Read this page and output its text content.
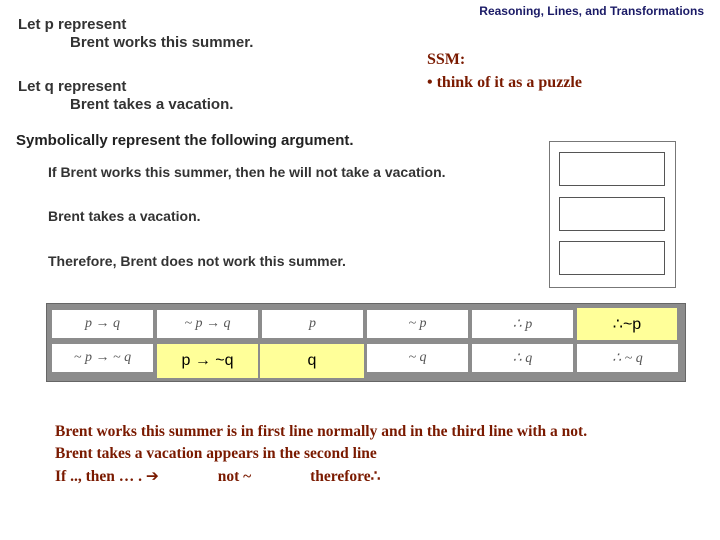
Reasoning, Lines, and Transformations
Let p represent
Brent works this summer.
Let q represent
Brent takes a vacation.
SSM:
• think of it as a puzzle
Symbolically represent the following argument.
If Brent works this summer, then he will not take a vacation.
Brent takes a vacation.
Therefore, Brent does not work this summer.
p → q	~ p → q	p	~ p	∴ p	∴~p
~ p → ~ q	p → ~q	q	~ q	∴ q	∴ ~ q
Brent works this summer is in first line normally and in the third line with a not.
Brent takes a vacation appears in the second line
If .., then … . ➔	not ~	therefore∴
